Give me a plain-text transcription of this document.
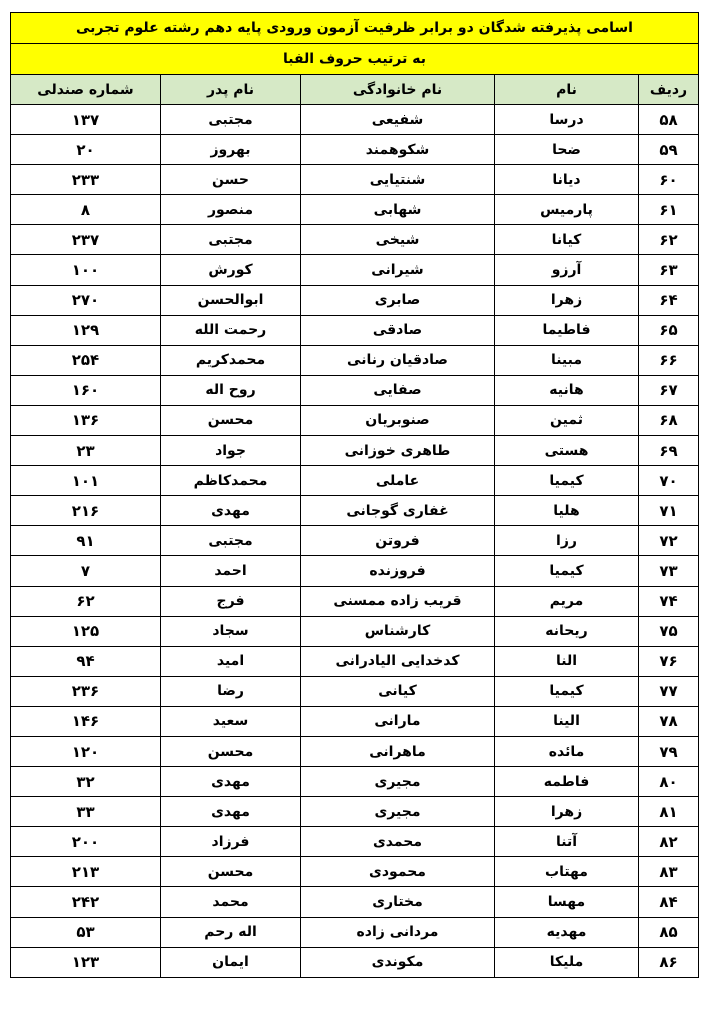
اسامی پذیرفته شدگان دو برابر ظرفیت آزمون ورودی پایه دهم رشته علوم تجربی				
به ترتیب حروف الفبا				
ردیف	نام	نام خانوادگی	نام پدر	شماره صندلی
۵۸	درسا	شفیعی	مجتبی	۱۳۷
۵۹	ضحا	شکوهمند	بهروز	۲۰
۶۰	دیانا	شنتیایی	حسن	۲۳۳
۶۱	پارمیس	شهابی	منصور	۸
۶۲	کیانا	شیخی	مجتبی	۲۳۷
۶۳	آرزو	شیرانی	کورش	۱۰۰
۶۴	زهرا	صابری	ابوالحسن	۲۷۰
۶۵	فاطیما	صادقی	رحمت الله	۱۲۹
۶۶	مبینا	صادقیان رنانی	محمدکریم	۲۵۴
۶۷	هانیه	صفایی	روح اله	۱۶۰
۶۸	ثمین	صنوبریان	محسن	۱۳۶
۶۹	هستی	طاهری خوزانی	جواد	۲۳
۷۰	کیمیا	عاملی	محمدکاظم	۱۰۱
۷۱	هلیا	غفاری گوجانی	مهدی	۲۱۶
۷۲	رزا	فروتن	مجتبی	۹۱
۷۳	کیمیا	فروزنده	احمد	۷
۷۴	مریم	قریب زاده ممسنی	فرج	۶۲
۷۵	ریحانه	کارشناس	سجاد	۱۲۵
۷۶	النا	کدخدایی الیادرانی	امید	۹۴
۷۷	کیمیا	کیانی	رضا	۲۳۶
۷۸	الینا	مارانی	سعید	۱۴۶
۷۹	مائده	ماهرانی	محسن	۱۲۰
۸۰	فاطمه	مجیری	مهدی	۳۲
۸۱	زهرا	مجیری	مهدی	۳۳
۸۲	آتنا	محمدی	فرزاد	۲۰۰
۸۳	مهتاب	محمودی	محسن	۲۱۳
۸۴	مهسا	مختاری	محمد	۲۴۲
۸۵	مهدیه	مردانی زاده	اله رحم	۵۳
۸۶	ملیکا	مکوندی	ایمان	۱۲۳
